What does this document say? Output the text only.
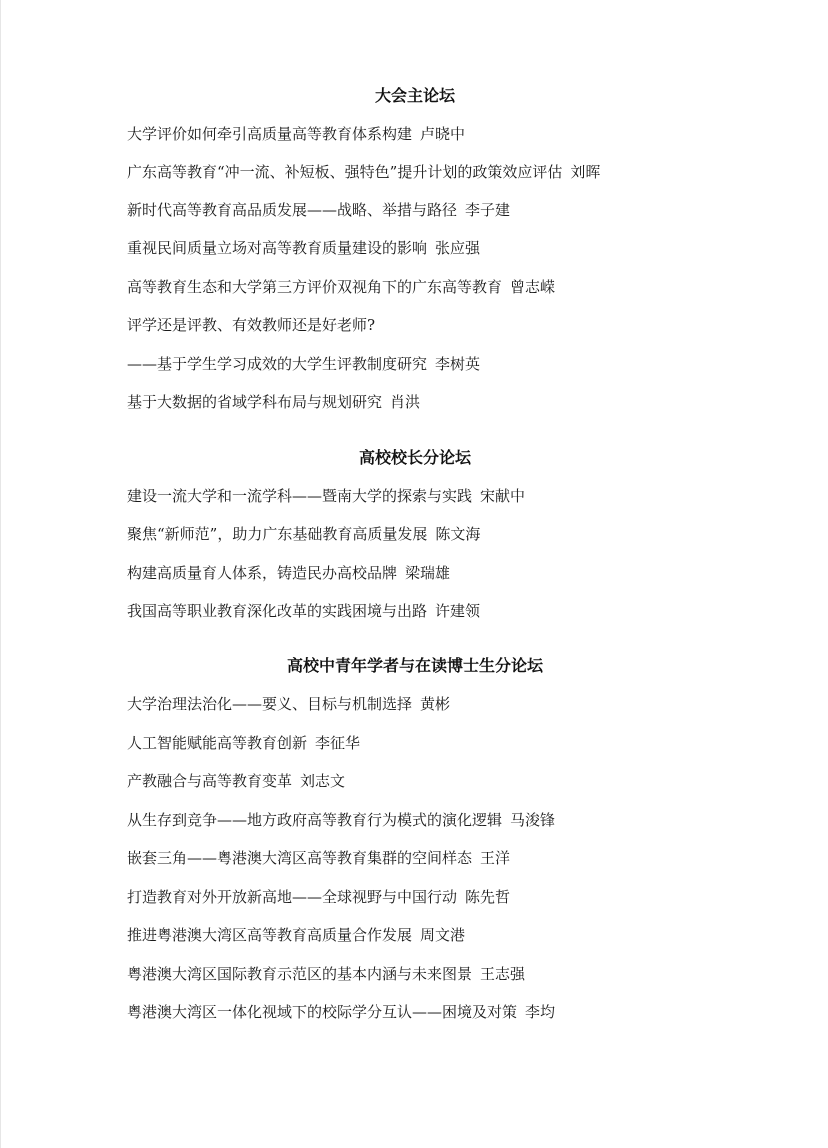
大会主论坛
大学评价如何牵引高质量高等教育体系构建 卢晓中
广东高等教育“冲一流、补短板、强特色”提升计划的政策效应评估 刘晖
新时代高等教育高品质发展——战略、举措与路径 李子建
重视民间质量立场对高等教育质量建设的影响 张应强
高等教育生态和大学第三方评价双视角下的广东高等教育 曾志嵘
评学还是评教、有效教师还是好老师?
——基于学生学习成效的大学生评教制度研究 李树英
基于大数据的省域学科布局与规划研究 肖洪
高校校长分论坛
建设一流大学和一流学科——暨南大学的探索与实践 宋献中
聚焦“新师范”，助力广东基础教育高质量发展 陈文海
构建高质量育人体系，铸造民办高校品牌 梁瑞雄
我国高等职业教育深化改革的实践困境与出路 许建领
高校中青年学者与在读博士生分论坛
大学治理法治化——要义、目标与机制选择 黄彬
人工智能赋能高等教育创新 李征华
产教融合与高等教育变革 刘志文
从生存到竞争——地方政府高等教育行为模式的演化逻辑 马浚锋
嵌套三角——粤港澳大湾区高等教育集群的空间样态 王洋
打造教育对外开放新高地——全球视野与中国行动 陈先哲
推进粤港澳大湾区高等教育高质量合作发展 周文港
粤港澳大湾区国际教育示范区的基本内涵与未来图景 王志强
粤港澳大湾区一体化视域下的校际学分互认——困境及对策 李均
